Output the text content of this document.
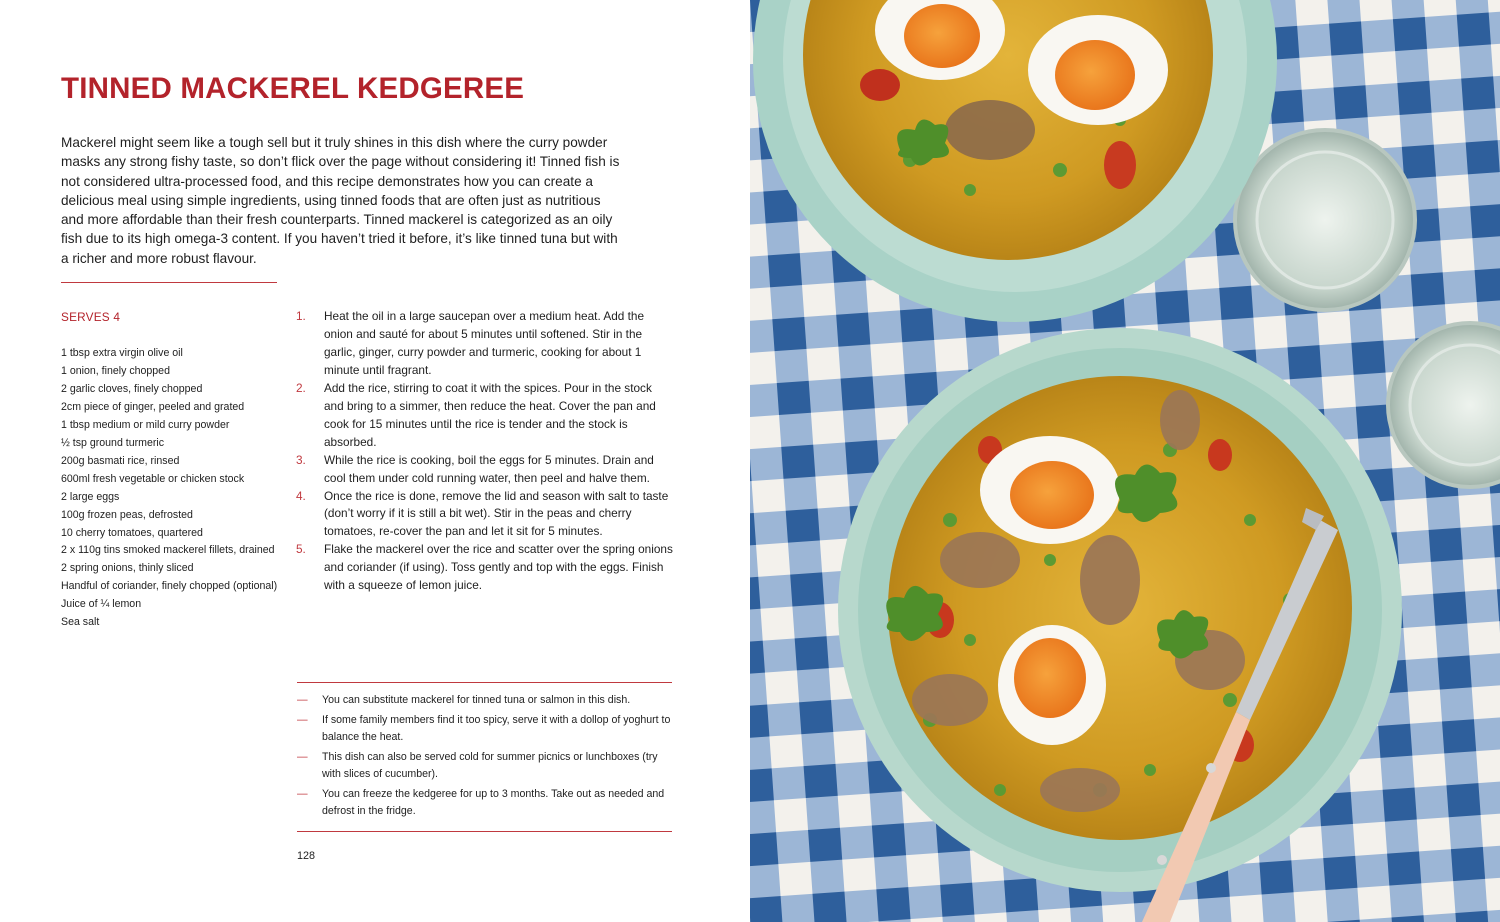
TINNED MACKEREL KEDGEREE

Mackerel might seem like a tough sell but it truly shines in this dish where the curry powder masks any strong fishy taste, so don’t flick over the page without considering it! Tinned fish is not considered ultra-processed food, and this recipe demonstrates how you can create a delicious meal using simple ingredients, using tinned foods that are often just as nutritious and more affordable than their fresh counterparts. Tinned mackerel is categorized as an oily fish due to its high omega-3 content. If you haven’t tried it before, it’s like tinned tuna but with a richer and more robust flavour.

SERVES 4
1 tbsp extra virgin olive oil
1 onion, finely chopped
2 garlic cloves, finely chopped
2cm piece of ginger, peeled and grated
1 tbsp medium or mild curry powder
½ tsp ground turmeric
200g basmati rice, rinsed
600ml fresh vegetable or chicken stock
2 large eggs
100g frozen peas, defrosted
10 cherry tomatoes, quartered
2 x 110g tins smoked mackerel fillets, drained
2 spring onions, thinly sliced
Handful of coriander, finely chopped (optional)
Juice of ¼ lemon
Sea salt
1.	Heat the oil in a large saucepan over a medium heat. Add the onion and sauté for about 5 minutes until softened. Stir in the garlic, ginger, curry powder and turmeric, cooking for about 1 minute until fragrant.
2.	Add the rice, stirring to coat it with the spices. Pour in the stock and bring to a simmer, then reduce the heat. Cover the pan and cook for 15 minutes until the rice is tender and the stock is absorbed.
3.	While the rice is cooking, boil the eggs for 5 minutes. Drain and cool them under cold running water, then peel and halve them.
4.	Once the rice is done, remove the lid and season with salt to taste (don’t worry if it is still a bit wet). Stir in the peas and cherry tomatoes, re-cover the pan and let it sit for 5 minutes.
5.	Flake the mackerel over the rice and scatter over the spring onions and coriander (if using). Toss gently and top with the eggs. Finish with a squeeze of lemon juice.
—	You can substitute mackerel for tinned tuna or salmon in this dish.
—	If some family members find it too spicy, serve it with a dollop of yoghurt to balance the heat.
—	This dish can also be served cold for summer picnics or lunchboxes (try with slices of cucumber).
—	You can freeze the kedgeree for up to 3 months. Take out as needed and defrost in the fridge.
128
